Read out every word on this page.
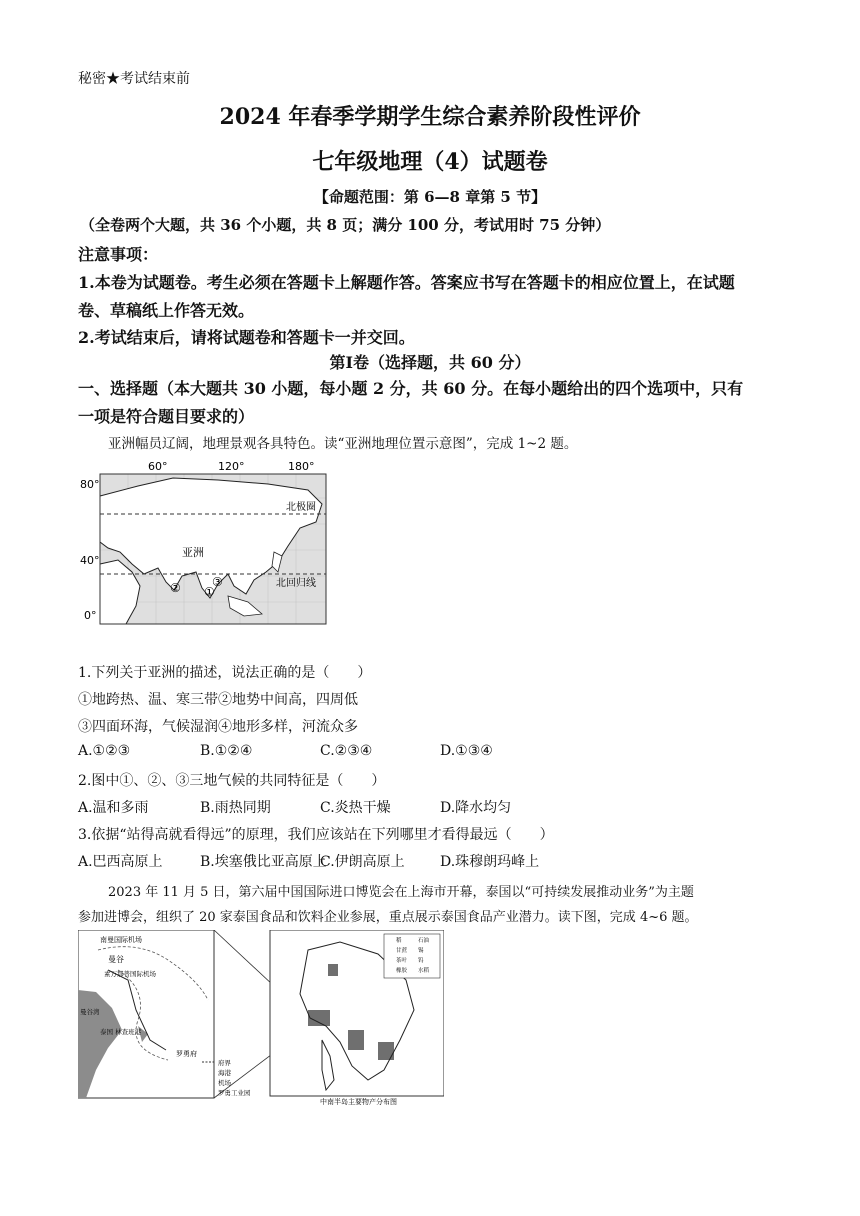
秘密★考试结束前
2024 年春季学期学生综合素养阶段性评价
七年级地理（4）试题卷
【命题范围：第 6—8 章第 5 节】
（全卷两个大题，共 36 个小题，共 8 页；满分 100 分，考试用时 75 分钟）
注意事项：
1.本卷为试题卷。考生必须在答题卡上解题作答。答案应书写在答题卡的相应位置上，在试题
卷、草稿纸上作答无效。
2.考试结束后，请将试题卷和答题卡一并交回。
第Ⅰ卷（选择题，共 60 分）
一、选择题（本大题共 30 小题，每小题 2 分，共 60 分。在每小题给出的四个选项中，只有
一项是符合题目要求的）
亚洲幅员辽阔，地理景观各具特色。读“亚洲地理位置示意图”，完成 1~2 题。
60°	120°	180°
80°
40°
0°
亚洲
北极圈
北回归线
①
②	③
1.下列关于亚洲的描述，说法正确的是（　　）
①地跨热、温、寒三带②地势中间高，四周低
③四面环海，气候湿润④地形多样，河流众多
A.①②③	B.①②④	C.②③④	D.①③④
2.图中①、②、③三地气候的共同特征是（　　）
A.温和多雨	B.雨热同期	C.炎热干燥	D.降水均匀
3.依据“站得高就看得远”的原理，我们应该站在下列哪里才看得最远（　　）
A.巴西高原上	B.埃塞俄比亚高原上
C.伊朗高原上	D.珠穆朗玛峰上
2023 年 11 月 5 日，第六届中国国际进口博览会在上海市开幕，泰国以“可持续发展推动业务”为主题
参加进博会，组织了 20 家泰国食品和饮料企业参展，重点展示泰国食品产业潜力。读下图，完成 4~6 题。
南曼国际机场
曼谷
素万那普国际机场
曼谷湾
泰国 林查班港
罗勇府
府界
海港
机场
罗勇工业园
稻	石油
甘蔗 锡
茶叶 钨
橡胶 水稻
中南半岛主要物产分布图
